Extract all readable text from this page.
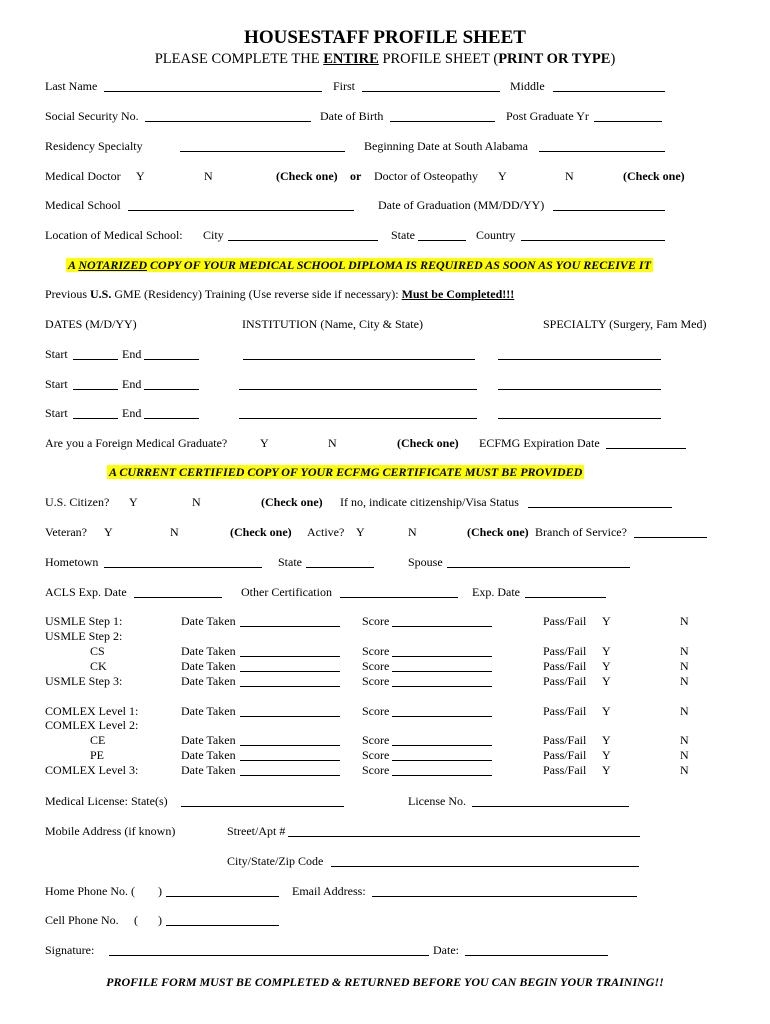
HOUSESTAFF PROFILE SHEET
PLEASE COMPLETE THE ENTIRE PROFILE SHEET (PRINT OR TYPE)
Last Name	First	Middle
Social Security No.	Date of Birth	Post Graduate Yr
Residency Specialty	Beginning Date at South Alabama
Medical Doctor Y	N	(Check one) or Doctor of Osteopathy Y	N	(Check one)
Medical School	Date of Graduation (MM/DD/YY)
Location of Medical School: City	State	Country
A NOTARIZED COPY OF YOUR MEDICAL SCHOOL DIPLOMA IS REQUIRED AS SOON AS YOU RECEIVE IT
Previous U.S. GME (Residency) Training (Use reverse side if necessary): Must be Completed!!!
DATES (M/D/YY)	INSTITUTION (Name, City & State)	SPECIALTY (Surgery, Fam Med)
Start	End
Start	End
Start	End
Are you a Foreign Medical Graduate?	Y	N	(Check one) ECFMG Expiration Date
A CURRENT CERTIFIED COPY OF YOUR ECFMG CERTIFICATE MUST BE PROVIDED
U.S. Citizen? Y	N	(Check one) If no, indicate citizenship/Visa Status
Veteran? Y	N	(Check one) Active? Y	N	(Check one) Branch of Service?
Hometown	State	Spouse
ACLS Exp. Date	Other Certification	Exp. Date
USMLE Step 1:	Date Taken	Score	Pass/Fail Y	N
USMLE Step 2:
CS	Date Taken	Score	Pass/Fail Y	N
CK	Date Taken	Score	Pass/Fail Y	N
USMLE Step 3:	Date Taken	Score	Pass/Fail Y	N
COMLEX Level 1:	Date Taken	Score	Pass/Fail Y	N
COMLEX Level 2:
CE	Date Taken	Score	Pass/Fail Y	N
PE	Date Taken	Score	Pass/Fail Y	N
COMLEX Level 3:	Date Taken	Score	Pass/Fail Y	N
Medical License: State(s)	License No.
Mobile Address (if known)	Street/Apt #
City/State/Zip Code
Home Phone No. ( )	Email Address:
Cell Phone No. ( )
Signature:	Date:
PROFILE FORM MUST BE COMPLETED & RETURNED BEFORE YOU CAN BEGIN YOUR TRAINING!!
